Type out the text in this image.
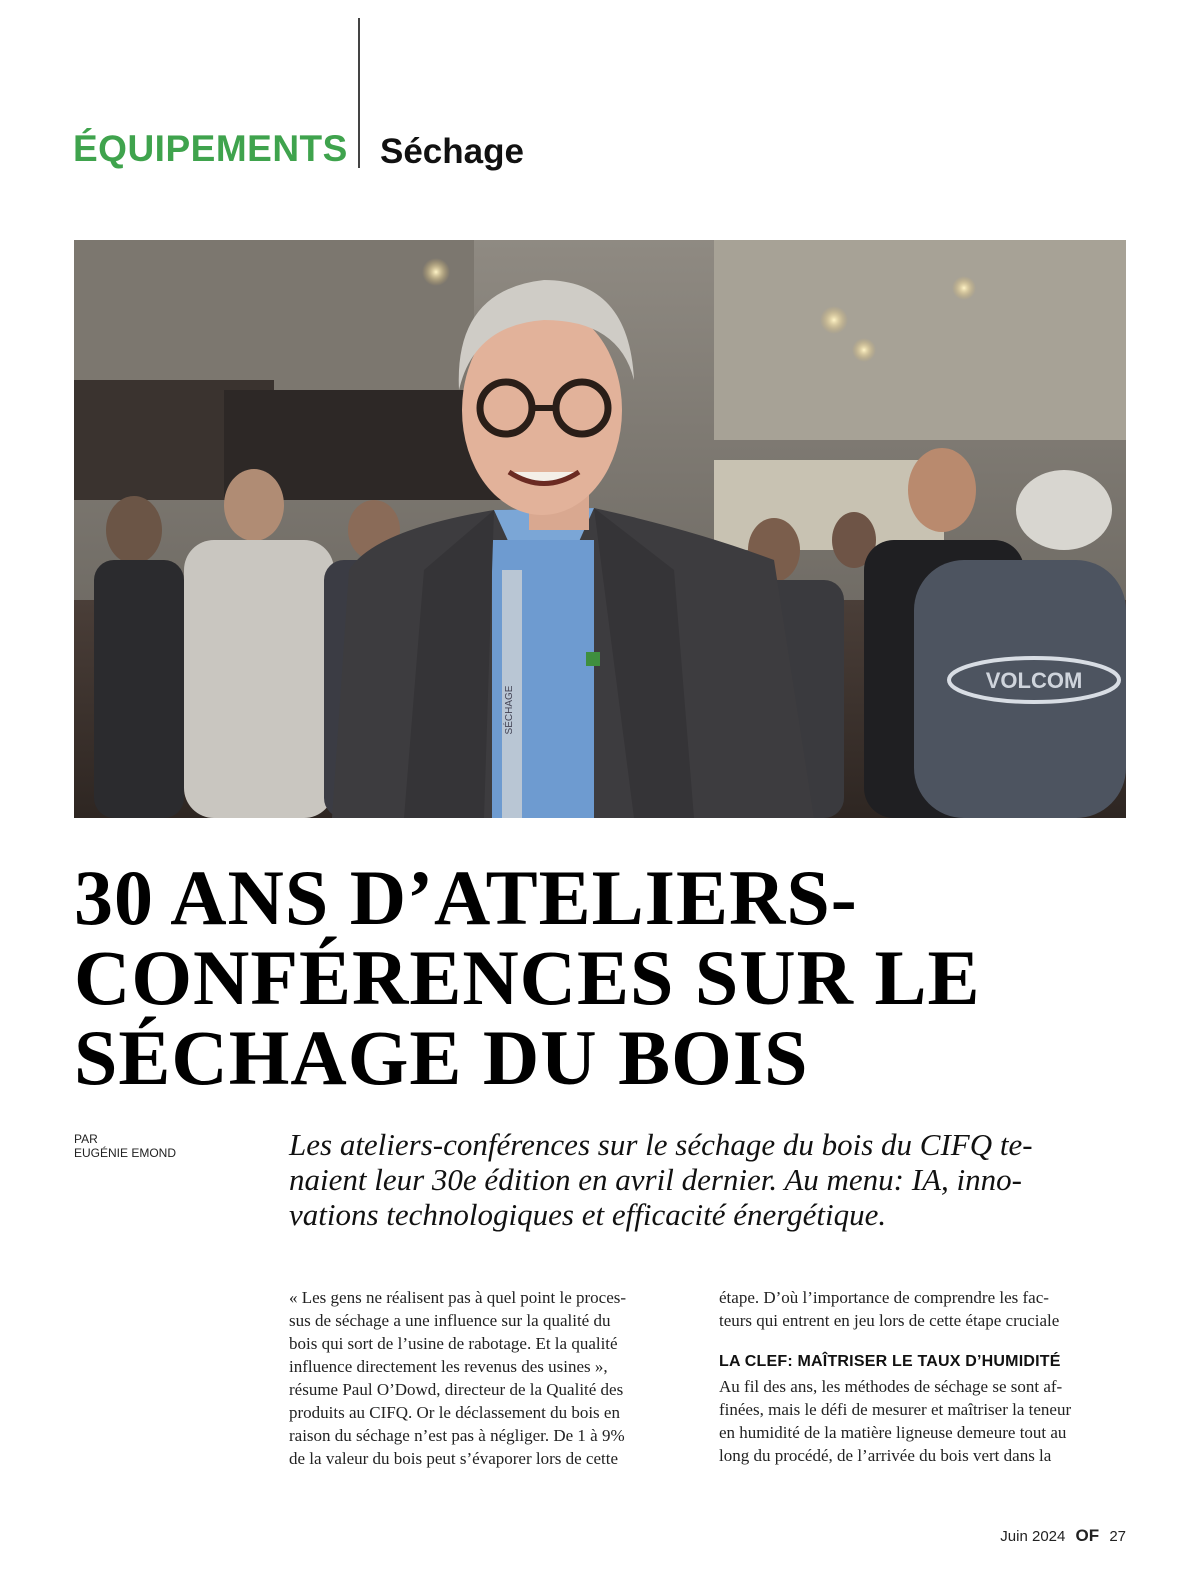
ÉQUIPEMENTS Séchage
VOLCOM
SÉCHAGE
30 ANS D’ATELIERS-
CONFÉRENCES SUR LE
SÉCHAGE DU BOIS
PAR
EUGÉNIE EMOND	Les ateliers-conférences sur le séchage du bois du CIFQ te-
naient leur 30e édition en avril dernier. Au menu: IA, inno-
vations technologiques et efficacité énergétique.
« Les gens ne réalisent pas à quel point le proces-
sus de séchage a une influence sur la qualité du
bois qui sort de l’usine de rabotage. Et la qualité
influence directement les revenus des usines »,
résume Paul O’Dowd, directeur de la Qualité des
produits au CIFQ. Or le déclassement du bois en
raison du séchage n’est pas à négliger. De 1 à 9%
de la valeur du bois peut s’évaporer lors de cette
étape. D’où l’importance de comprendre les fac-
teurs qui entrent en jeu lors de cette étape cruciale
LA CLEF: MAÎTRISER LE TAUX D’HUMIDITÉ
Au fil des ans, les méthodes de séchage se sont af-
finées, mais le défi de mesurer et maîtriser la teneur
en humidité de la matière ligneuse demeure tout au
long du procédé, de l’arrivée du bois vert dans la
Juin 2024 OF 27
